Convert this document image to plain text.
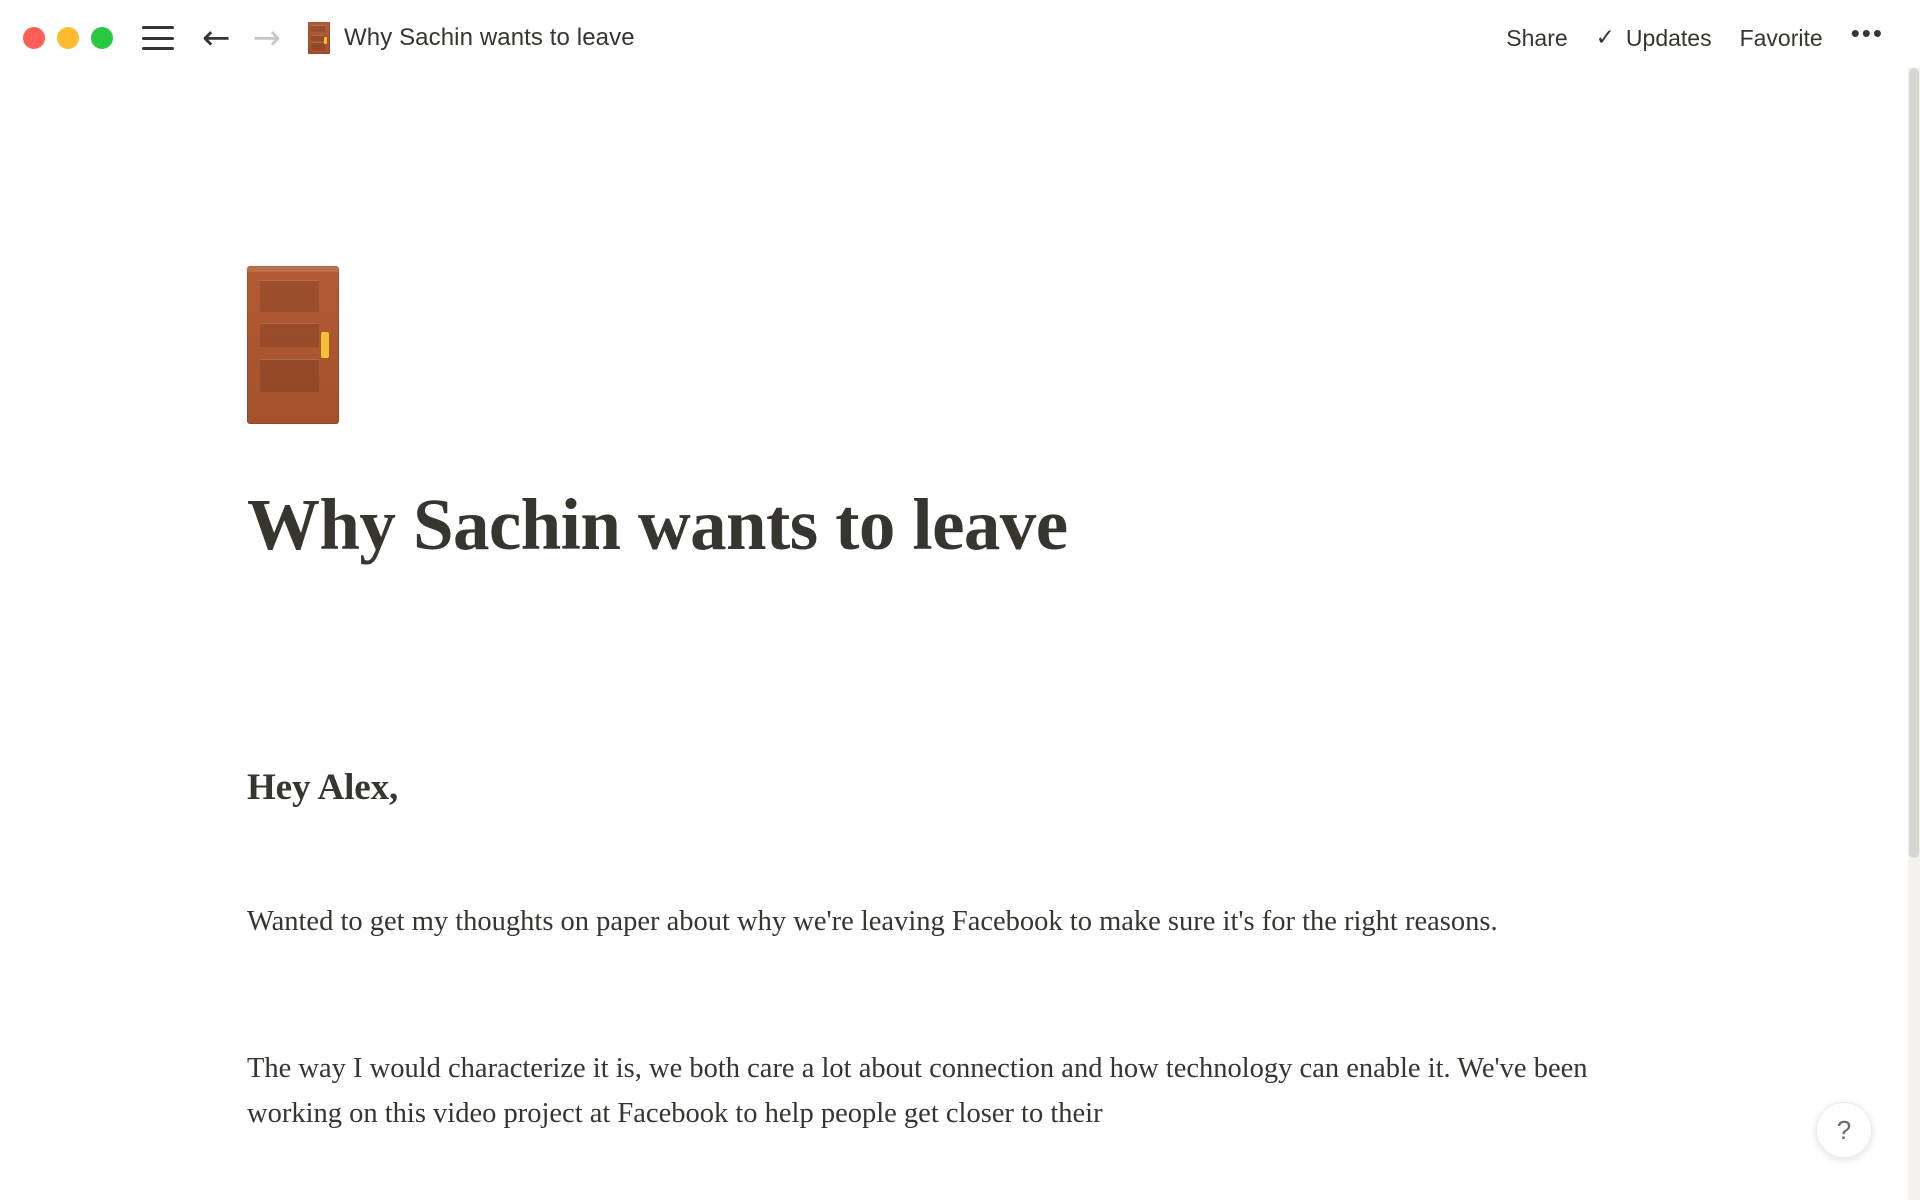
← →	Why Sachin wants to leave	Share	✓ Updates	Favorite	•••
Why Sachin wants to leave
Hey Alex,

Wanted to get my thoughts on paper about why we're leaving Facebook to make sure it's for the right reasons.

The way I would characterize it is, we both care a lot about connection and how technology can enable it. We've been working on this video project at Facebook to help people get closer to their

?
